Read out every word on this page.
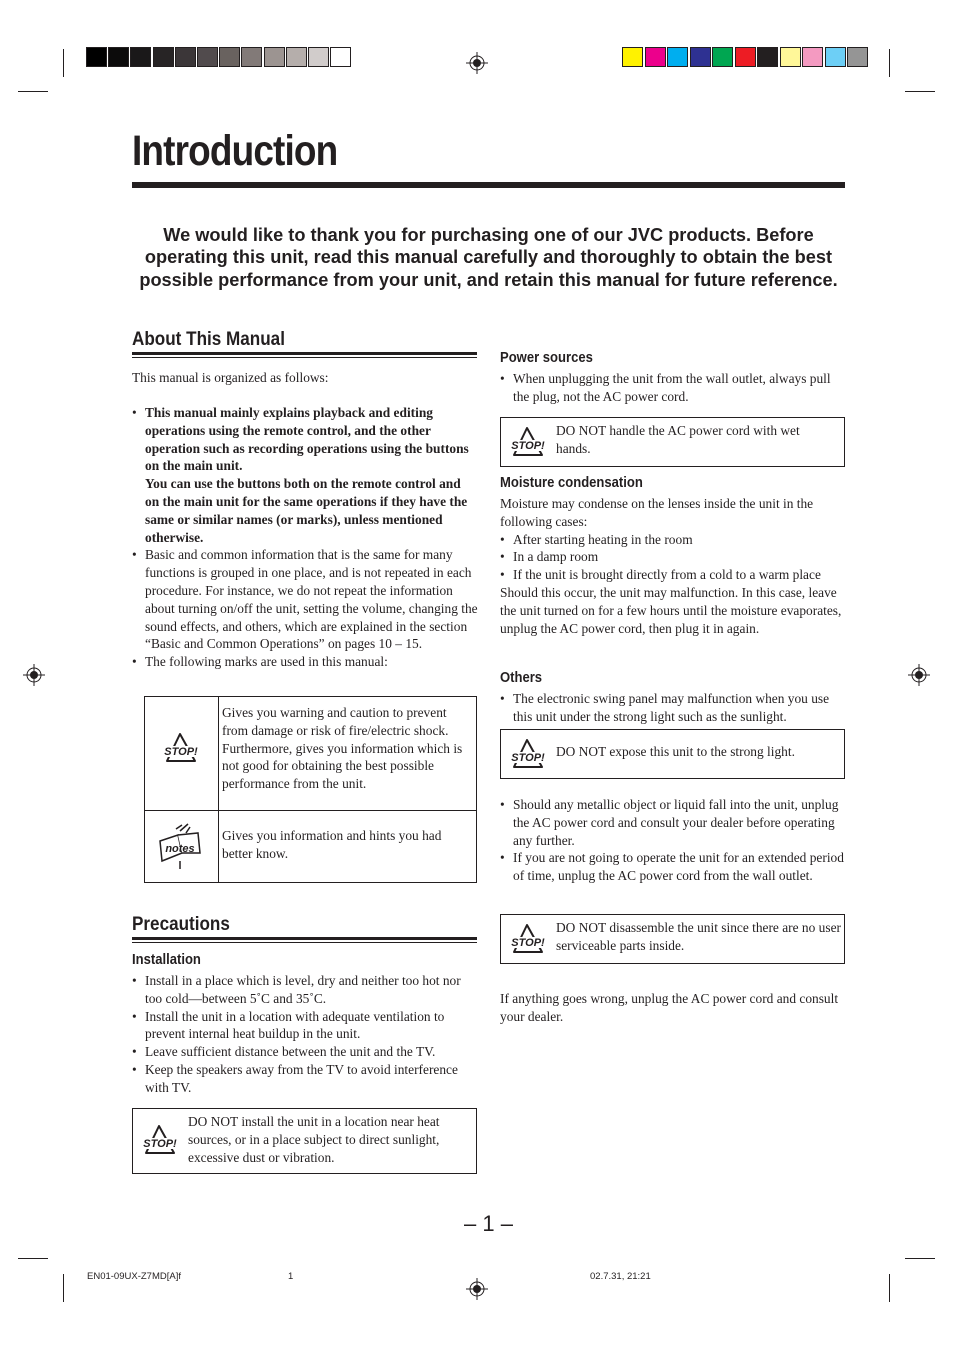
Introduction
We would like to thank you for purchasing one of our JVC products. Before operating this unit, read this manual carefully and thoroughly to obtain the best possible performance from your unit, and retain this manual for future reference.
About This Manual
This manual is organized as follows:
• This manual mainly explains playback and editing operations using the remote control, and the other operation such as recording operations using the buttons on the main unit.
You can use the buttons both on the remote control and on the main unit for the same operations if they have the same or similar names (or marks), unless mentioned otherwise.
• Basic and common information that is the same for many functions is grouped in one place, and is not repeated in each procedure. For instance, we do not repeat the information about turning on/off the unit, setting the volume, changing the sound effects, and others, which are explained in the section “Basic and Common Operations” on pages 10 – 15.
• The following marks are used in this manual:
STOP!
Gives you warning and caution to prevent from damage or risk of fire/electric shock. Furthermore, gives you information which is not good for obtaining the best possible performance from the unit.
notes
Gives you information and hints you had better know.
Precautions
Installation
• Install in a place which is level, dry and neither too hot nor too cold—between 5˚C and 35˚C.
• Install the unit in a location with adequate ventilation to prevent internal heat buildup in the unit.
• Leave sufficient distance between the unit and the TV.
• Keep the speakers away from the TV to avoid interference with TV.
STOP!
DO NOT install the unit in a location near heat sources, or in a place subject to direct sunlight, excessive dust or vibration.
Power sources
• When unplugging the unit from the wall outlet, always pull the plug, not the AC power cord.
STOP!
DO NOT handle the AC power cord with wet hands.
Moisture condensation
Moisture may condense on the lenses inside the unit in the following cases:
• After starting heating in the room
• In a damp room
• If the unit is brought directly from a cold to a warm place
Should this occur, the unit may malfunction. In this case, leave the unit turned on for a few hours until the moisture evaporates, unplug the AC power cord, then plug it in again.
Others
• The electronic swing panel may malfunction when you use this unit under the strong light such as the sunlight.
STOP! DO NOT expose this unit to the strong light.
• Should any metallic object or liquid fall into the unit, unplug the AC power cord and consult your dealer before operating any further.
• If you are not going to operate the unit for an extended period of time, unplug the AC power cord from the wall outlet.
STOP!
DO NOT disassemble the unit since there are no user serviceable parts inside.
If anything goes wrong, unplug the AC power cord and consult your dealer.
– 1 –
EN01-09UX-Z7MD[A]f	1	02.7.31, 21:21
